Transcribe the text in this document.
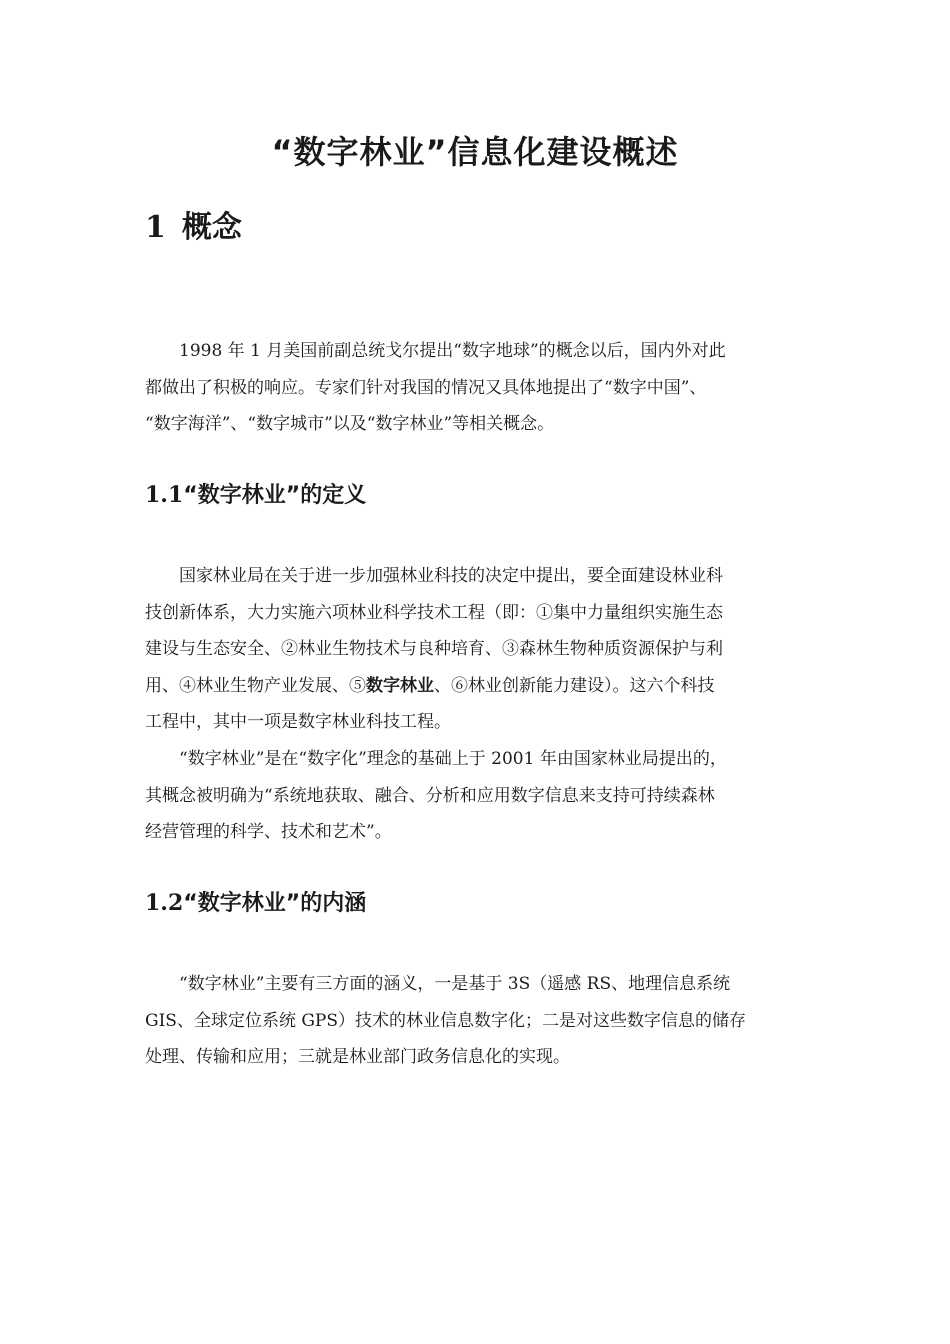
“数字林业”信息化建设概述
1 概念
1998 年 1 月美国前副总统戈尔提出“数字地球”的概念以后，国内外对此
都做出了积极的响应。专家们针对我国的情况又具体地提出了“数字中国”、
“数字海洋”、“数字城市”以及“数字林业”等相关概念。
1.1“数字林业”的定义
国家林业局在关于进一步加强林业科技的决定中提出，要全面建设林业科
技创新体系，大力实施六项林业科学技术工程（即：①集中力量组织实施生态
建设与生态安全、②林业生物技术与良种培育、③森林生物种质资源保护与利
用、④林业生物产业发展、⑤数字林业、⑥林业创新能力建设）。这六个科技
工程中，其中一项是数字林业科技工程。
“数字林业”是在“数字化”理念的基础上于 2001 年由国家林业局提出的，
其概念被明确为“系统地获取、融合、分析和应用数字信息来支持可持续森林
经营管理的科学、技术和艺术”。
1.2“数字林业”的内涵
“数字林业”主要有三方面的涵义，一是基于 3S（遥感 RS、地理信息系统
GIS、全球定位系统 GPS）技术的林业信息数字化；二是对这些数字信息的储存
处理、传输和应用；三就是林业部门政务信息化的实现。
